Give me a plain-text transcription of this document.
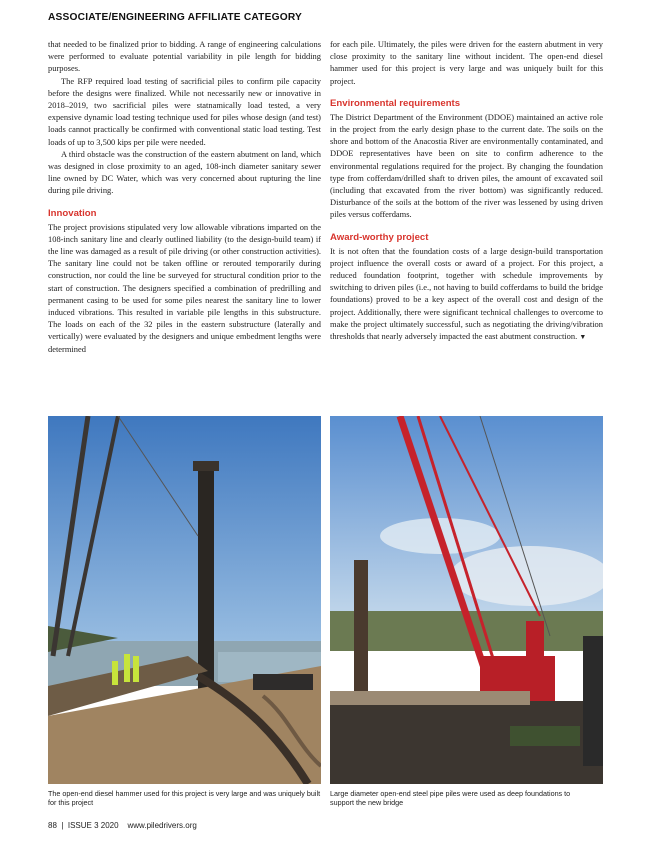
ASSOCIATE/ENGINEERING AFFILIATE CATEGORY

that needed to be finalized prior to bidding. A range of engineering calculations were performed to evaluate potential variability in pile length for bidding purposes.

The RFP required load testing of sacrificial piles to confirm pile capacity before the designs were finalized. While not necessarily new or innovative in 2018–2019, two sacrificial piles were statnamically load tested, a very expensive dynamic load testing technique used for piles whose design (and test) loads cannot practically be confirmed with conventional static load testing. Test loads of up to 3,500 kips per pile were needed.

A third obstacle was the construction of the eastern abutment on land, which was designed in close proximity to an aged, 108-inch diameter sanitary sewer line owned by DC Water, which was very concerned about rupturing the line during pile driving.

Innovation

The project provisions stipulated very low allowable vibrations imparted on the 108-inch sanitary line and clearly outlined liability (to the design-build team) if the line was damaged as a result of pile driving (or other construction activities). The sanitary line could not be taken offline or rerouted temporarily during construction, nor could the line be surveyed for structural condition prior to the start of construction. The designers specified a combination of predrilling and permanent casing to be used for some piles nearest the sanitary line to lower induced vibrations. This resulted in variable pile lengths in this substructure. The loads on each of the 32 piles in the eastern substructure (laterally and vertically) were evaluated by the designers and unique embedment lengths were determined

for each pile. Ultimately, the piles were driven for the eastern abutment in very close proximity to the sanitary line without incident. The open-end diesel hammer used for this project is very large and was uniquely built for this project.

Environmental requirements

The District Department of the Environment (DDOE) maintained an active role in the project from the early design phase to the current date. The soils on the shore and bottom of the Anacostia River are environmentally contaminated, and DDOE representatives have been on site to confirm adherence to the environmental regulations required for the project. By changing the foundation type from cofferdam/drilled shaft to driven piles, the amount of excavated soil (including that excavated from the river bottom) was significantly reduced. Disturbance of the soils at the bottom of the river was lessened by using driven piles versus cofferdams.

Award-worthy project

It is not often that the foundation costs of a large design-build transportation project influence the overall costs or award of a project. For this project, a reduced foundation footprint, together with schedule improvements by switching to driven piles (i.e., not having to build cofferdams to build the bridge foundations) proved to be a key aspect of the overall cost and design of the project. Additionally, there were significant technical challenges to overcome to make the project ultimately successful, such as negotiating the driving/vibration thresholds that nearly adversely impacted the east abutment construction. ▼

The open-end diesel hammer used for this project is very large and was uniquely built for this project
Large diameter open-end steel pipe piles were used as deep foundations to support the new bridge
88  |  ISSUE 3 2020    www.piledrivers.org
